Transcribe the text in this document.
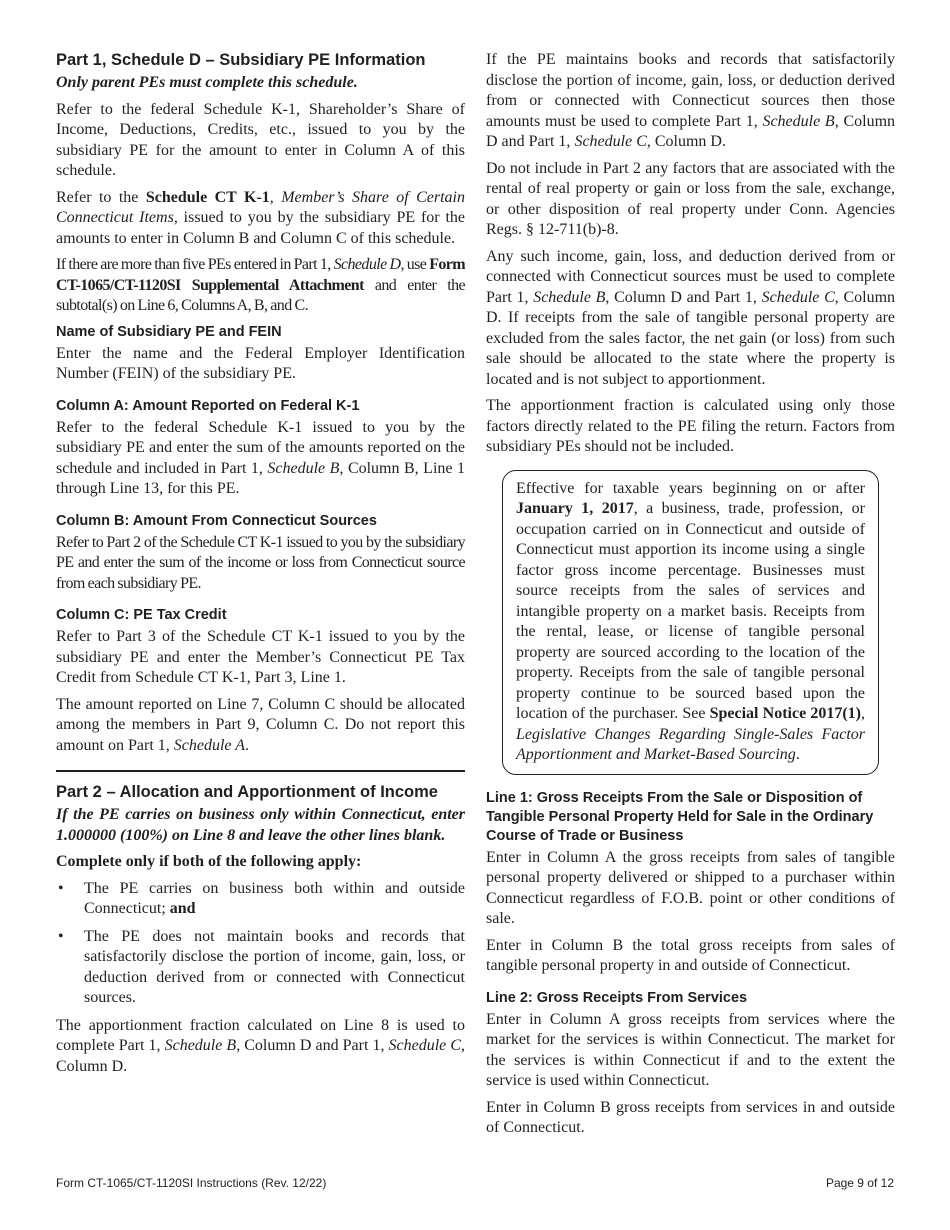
Part 1, Schedule D – Subsidiary PE Information

Only parent PEs must complete this schedule.

Refer to the federal Schedule K-1, Shareholder’s Share of Income, Deductions, Credits, etc., issued to you by the subsidiary PE for the amount to enter in Column A of this schedule.

Refer to the Schedule CT K-1, Member’s Share of Certain Connecticut Items, issued to you by the subsidiary PE for the amounts to enter in Column B and Column C of this schedule.

If there are more than five PEs entered in Part 1, Schedule D, use Form CT-1065/CT-1120SI Supplemental Attachment and enter the subtotal(s) on Line 6, Columns A, B, and C.

Name of Subsidiary PE and FEIN

Enter the name and the Federal Employer Identification Number (FEIN) of the subsidiary PE.

Column A: Amount Reported on Federal K-1

Refer to the federal Schedule K-1 issued to you by the subsidiary PE and enter the sum of the amounts reported on the schedule and included in Part 1, Schedule B, Column B, Line 1 through Line 13, for this PE.

Column B: Amount From Connecticut Sources

Refer to Part 2 of the Schedule CT K-1 issued to you by the subsidiary PE and enter the sum of the income or loss from Connecticut source from each subsidiary PE.

Column C: PE Tax Credit

Refer to Part 3 of the Schedule CT K-1 issued to you by the subsidiary PE and enter the Member’s Connecticut PE Tax Credit from Schedule CT K-1, Part 3, Line 1.

The amount reported on Line 7, Column C should be allocated among the members in Part 9, Column C. Do not report this amount on Part 1, Schedule A.

Part 2 – Allocation and Apportionment of Income

If the PE carries on business only within Connecticut, enter 1.000000 (100%) on Line 8 and leave the other lines blank.

Complete only if both of the following apply:

• The PE carries on business both within and outside Connecticut; and
• The PE does not maintain books and records that satisfactorily disclose the portion of income, gain, loss, or deduction derived from or connected with Connecticut sources.

The apportionment fraction calculated on Line 8 is used to complete Part 1, Schedule B, Column D and Part 1, Schedule C, Column D.

If the PE maintains books and records that satisfactorily disclose the portion of income, gain, loss, or deduction derived from or connected with Connecticut sources then those amounts must be used to complete Part 1, Schedule B, Column D and Part 1, Schedule C, Column D.

Do not include in Part 2 any factors that are associated with the rental of real property or gain or loss from the sale, exchange, or other disposition of real property under Conn. Agencies Regs. § 12-711(b)-8.

Any such income, gain, loss, and deduction derived from or connected with Connecticut sources must be used to complete Part 1, Schedule B, Column D and Part 1, Schedule C, Column D. If receipts from the sale of tangible personal property are excluded from the sales factor, the net gain (or loss) from such sale should be allocated to the state where the property is located and is not subject to apportionment.

The apportionment fraction is calculated using only those factors directly related to the PE filing the return. Factors from subsidiary PEs should not be included.

Effective for taxable years beginning on or after January 1, 2017, a business, trade, profession, or occupation carried on in Connecticut and outside of Connecticut must apportion its income using a single factor gross income percentage. Businesses must source receipts from the sales of services and intangible property on a market basis. Receipts from the rental, lease, or license of tangible personal property are sourced according to the location of the property. Receipts from the sale of tangible personal property continue to be sourced based upon the location of the purchaser. See Special Notice 2017(1), Legislative Changes Regarding Single-Sales Factor Apportionment and Market-Based Sourcing.

Line 1: Gross Receipts From the Sale or Disposition of Tangible Personal Property Held for Sale in the Ordinary Course of Trade or Business

Enter in Column A the gross receipts from sales of tangible personal property delivered or shipped to a purchaser within Connecticut regardless of F.O.B. point or other conditions of sale.

Enter in Column B the total gross receipts from sales of tangible personal property in and outside of Connecticut.

Line 2: Gross Receipts From Services

Enter in Column A gross receipts from services where the market for the services is within Connecticut. The market for the services is within Connecticut if and to the extent the service is used within Connecticut.

Enter in Column B gross receipts from services in and outside of Connecticut.

Form CT-1065/CT-1120SI Instructions (Rev. 12/22)	Page 9 of 12
